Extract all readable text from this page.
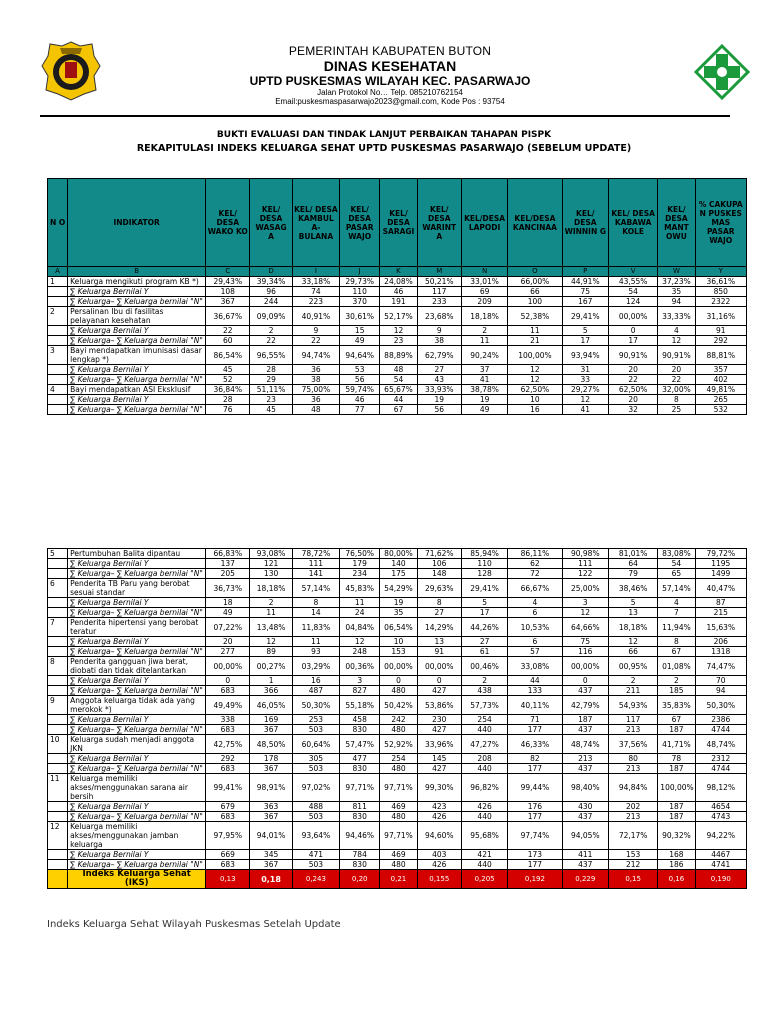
PEMERINTAH KABUPATEN BUTON
DINAS KESEHATAN
UPTD PUSKESMAS WILAYAH KEC. PASARWAJO
Jalan Protokol No… Telp. 085210762154
Email:puskesmaspasarwajo2023@gmail.com, Kode Pos : 93754
BUKTI EVALUASI DAN TINDAK LANJUT PERBAIKAN TAHAPAN PISPK
REKAPITULASI INDEKS KELUARGA SEHAT UPTD PUSKESMAS PASARWAJO (SEBELUM UPDATE)
N O	INDIKATOR	KEL/ DESA WAKO KO	KEL/ DESA WASAG A	KEL/ DESA KAMBUL A- BULANA	KEL/ DESA PASAR WAJO	KEL/ DESA SARAGI	KEL/ DESA WARINT A	KEL/DESA LAPODI	KEL/DESA KANCINAA	KEL/ DESA WINNIN G	KEL/ DESA KABAWA KOLE	KEL/ DESA MANT OWU	% CAKUPA N PUSKES MAS PASAR WAJO
A	B	C	D	I	J	K	M	N	O	P	V	W	Y
1	Keluarga mengikuti program KB *)	29,43%	39,34%	33,18%	29,73%	24,08%	50,21%	33,01%	66,00%	44,91%	43,55%	37,23%	36,61%
	∑ Keluarga Bernilai Y	108	96	74	110	46	117	69	66	75	54	35	850
	∑ Keluarga– ∑ Keluarga bernilai "N"	367	244	223	370	191	233	209	100	167	124	94	2322
2	Persalinan Ibu di fasilitas pelayanan kesehatan	36,67%	09,09%	40,91%	30,61%	52,17%	23,68%	18,18%	52,38%	29,41%	00,00%	33,33%	31,16%
	∑ Keluarga Bernilai Y	22	2	9	15	12	9	2	11	5	0	4	91
	∑ Keluarga– ∑ Keluarga bernilai "N"	60	22	22	49	23	38	11	21	17	17	12	292
3	Bayi mendapatkan imunisasi dasar lengkap *)	86,54%	96,55%	94,74%	94,64%	88,89%	62,79%	90,24%	100,00%	93,94%	90,91%	90,91%	88,81%
	∑ Keluarga Bernilai Y	45	28	36	53	48	27	37	12	31	20	20	357
	∑ Keluarga– ∑ Keluarga bernilai "N"	52	29	38	56	54	43	41	12	33	22	22	402
4	Bayi mendapatkan ASI Eksklusif	36,84%	51,11%	75,00%	59,74%	65,67%	33,93%	38,78%	62,50%	29,27%	62,50%	32,00%	49,81%
	∑ Keluarga Bernilai Y	28	23	36	46	44	19	19	10	12	20	8	265
	∑ Keluarga– ∑ Keluarga bernilai "N"	76	45	48	77	67	56	49	16	41	32	25	532
5	Pertumbuhan Balita dipantau	66,83%	93,08%	78,72%	76,50%	80,00%	71,62%	85,94%	86,11%	90,98%	81,01%	83,08%	79,72%
	∑ Keluarga Bernilai Y	137	121	111	179	140	106	110	62	111	64	54	1195
	∑ Keluarga– ∑ Keluarga bernilai "N"	205	130	141	234	175	148	128	72	122	79	65	1499
6	Penderita TB Paru yang berobat sesuai standar	36,73%	18,18%	57,14%	45,83%	54,29%	29,63%	29,41%	66,67%	25,00%	38,46%	57,14%	40,47%
	∑ Keluarga Bernilai Y	18	2	8	11	19	8	5	4	3	5	4	87
	∑ Keluarga– ∑ Keluarga bernilai "N"	49	11	14	24	35	27	17	6	12	13	7	215
7	Penderita hipertensi yang berobat teratur	07,22%	13,48%	11,83%	04,84%	06,54%	14,29%	44,26%	10,53%	64,66%	18,18%	11,94%	15,63%
	∑ Keluarga Bernilai Y	20	12	11	12	10	13	27	6	75	12	8	206
	∑ Keluarga– ∑ Keluarga bernilai "N"	277	89	93	248	153	91	61	57	116	66	67	1318
8	Penderita gangguan jiwa berat, diobati dan tidak ditelantarkan	00,00%	00,27%	03,29%	00,36%	00,00%	00,00%	00,46%	33,08%	00,00%	00,95%	01,08%	74,47%
	∑ Keluarga Bernilai Y	0	1	16	3	0	0	2	44	0	2	2	70
	∑ Keluarga– ∑ Keluarga bernilai "N"	683	366	487	827	480	427	438	133	437	211	185	94
9	Anggota keluarga tidak ada yang merokok *)	49,49%	46,05%	50,30%	55,18%	50,42%	53,86%	57,73%	40,11%	42,79%	54,93%	35,83%	50,30%
	∑ Keluarga Bernilai Y	338	169	253	458	242	230	254	71	187	117	67	2386
	∑ Keluarga– ∑ Keluarga bernilai "N"	683	367	503	830	480	427	440	177	437	213	187	4744
10	Keluarga sudah menjadi anggota JKN	42,75%	48,50%	60,64%	57,47%	52,92%	33,96%	47,27%	46,33%	48,74%	37,56%	41,71%	48,74%
	∑ Keluarga Bernilai Y	292	178	305	477	254	145	208	82	213	80	78	2312
	∑ Keluarga– ∑ Keluarga bernilai "N"	683	367	503	830	480	427	440	177	437	213	187	4744
11	Keluarga memiliki akses/menggunakan sarana air bersih	99,41%	98,91%	97,02%	97,71%	97,71%	99,30%	96,82%	99,44%	98,40%	94,84%	100,00%	98,12%
	∑ Keluarga Bernilai Y	679	363	488	811	469	423	426	176	430	202	187	4654
	∑ Keluarga– ∑ Keluarga bernilai "N"	683	367	503	830	480	426	440	177	437	213	187	4743
12	Keluarga memiliki akses/menggunakan jamban keluarga	97,95%	94,01%	93,64%	94,46%	97,71%	94,60%	95,68%	97,74%	94,05%	72,17%	90,32%	94,22%
	∑ Keluarga Bernilai Y	669	345	471	784	469	403	421	173	411	153	168	4467
	∑ Keluarga– ∑ Keluarga bernilai "N"	683	367	503	830	480	426	440	177	437	212	186	4741
	Indeks Keluarga Sehat (IKS)	0,13	0,18	0,243	0,20	0,21	0,155	0,205	0,192	0,229	0,15	0,16	0,190
Indeks Keluarga Sehat Wilayah Puskesmas Setelah Update
